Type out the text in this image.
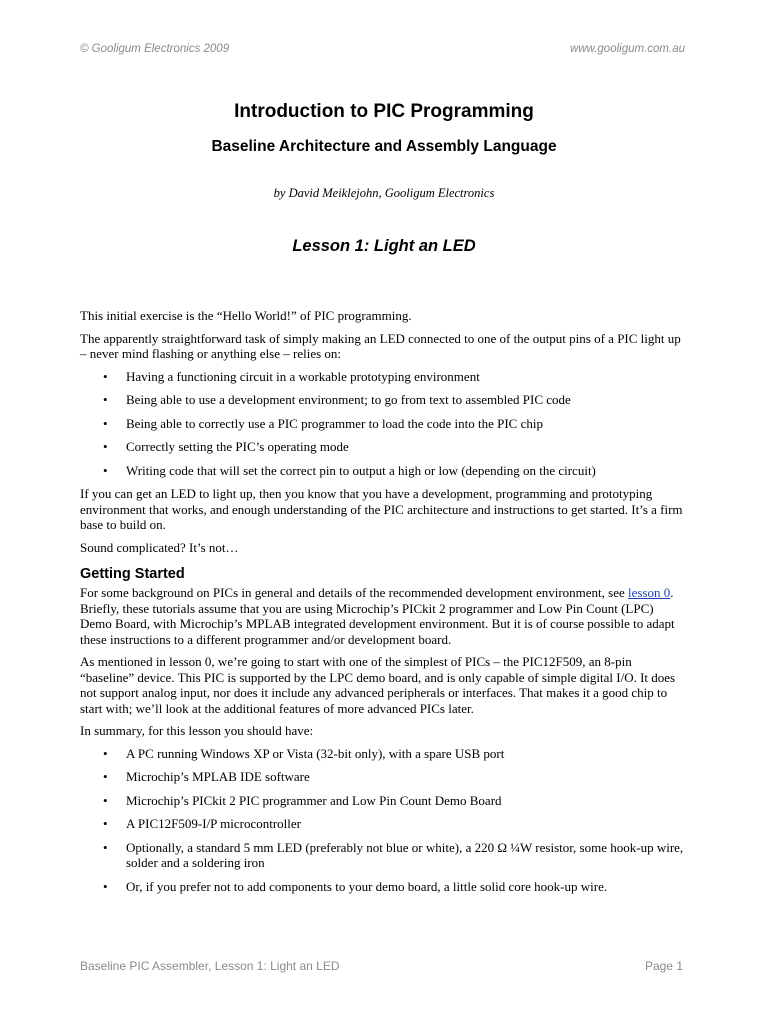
© Gooligum Electronics 2009	www.gooligum.com.au
Introduction to PIC Programming
Baseline Architecture and Assembly Language
by David Meiklejohn, Gooligum Electronics
Lesson 1: Light an LED

This initial exercise is the “Hello World!” of PIC programming.

The apparently straightforward task of simply making an LED connected to one of the output pins of a PIC light up – never mind flashing or anything else – relies on:

• Having a functioning circuit in a workable prototyping environment
• Being able to use a development environment; to go from text to assembled PIC code
• Being able to correctly use a PIC programmer to load the code into the PIC chip
• Correctly setting the PIC’s operating mode
• Writing code that will set the correct pin to output a high or low (depending on the circuit)

If you can get an LED to light up, then you know that you have a development, programming and prototyping environment that works, and enough understanding of the PIC architecture and instructions to get started. It’s a firm base to build on.

Sound complicated? It’s not…

Getting Started

For some background on PICs in general and details of the recommended development environment, see lesson 0. Briefly, these tutorials assume that you are using Microchip’s PICkit 2 programmer and Low Pin Count (LPC) Demo Board, with Microchip’s MPLAB integrated development environment. But it is of course possible to adapt these instructions to a different programmer and/or development board.

As mentioned in lesson 0, we’re going to start with one of the simplest of PICs – the PIC12F509, an 8-pin “baseline” device. This PIC is supported by the LPC demo board, and is only capable of simple digital I/O. It does not support analog input, nor does it include any advanced peripherals or interfaces. That makes it a good chip to start with; we’ll look at the additional features of more advanced PICs later.

In summary, for this lesson you should have:

• A PC running Windows XP or Vista (32-bit only), with a spare USB port
• Microchip’s MPLAB IDE software
• Microchip’s PICkit 2 PIC programmer and Low Pin Count Demo Board
• A PIC12F509-I/P microcontroller
• Optionally, a standard 5 mm LED (preferably not blue or white), a 220 Ω ¼W resistor, some hook-up wire, solder and a soldering iron
• Or, if you prefer not to add components to your demo board, a little solid core hook-up wire.
Baseline PIC Assembler, Lesson 1: Light an LED	Page 1
